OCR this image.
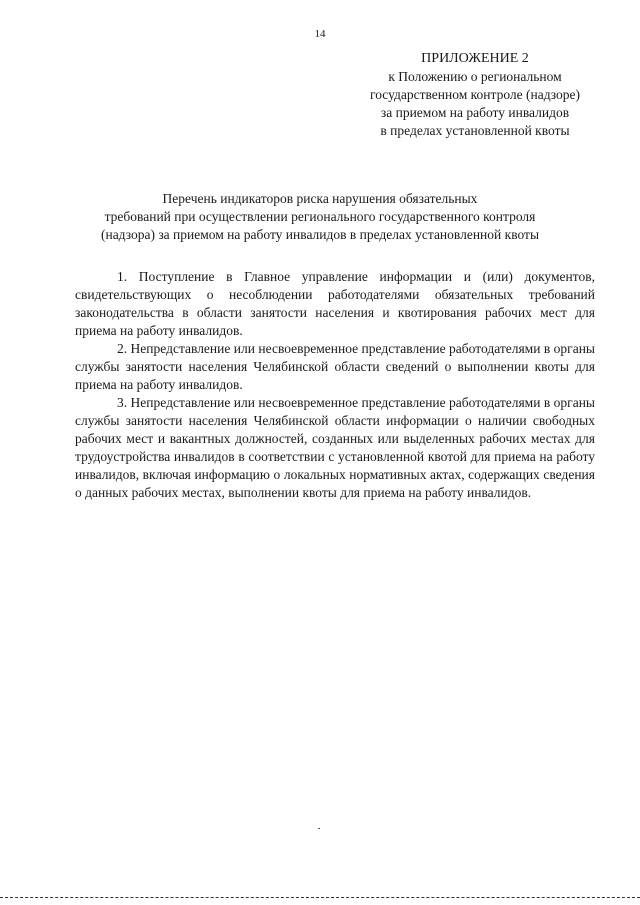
14
ПРИЛОЖЕНИЕ 2
к Положению о региональном
государственном контроле (надзоре)
за приемом на работу инвалидов
в пределах установленной квоты
Перечень индикаторов риска нарушения обязательных
требований при осуществлении регионального государственного контроля
(надзора) за приемом на работу инвалидов в пределах установленной квоты

1. Поступление в Главное управление информации и (или) документов, свидетельствующих о несоблюдении работодателями обязательных требований законодательства в области занятости населения и квотирования рабочих мест для приема на работу инвалидов.

2. Непредставление или несвоевременное представление работодателями в органы службы занятости населения Челябинской области сведений о выполнении квоты для приема на работу инвалидов.

3. Непредставление или несвоевременное представление работодателями в органы службы занятости населения Челябинской области информации о наличии свободных рабочих мест и вакантных должностей, созданных или выделенных рабочих местах для трудоустройства инвалидов в соответствии с установленной квотой для приема на работу инвалидов, включая информацию о локальных нормативных актах, содержащих сведения о данных рабочих местах, выполнении квоты для приема на работу инвалидов.
